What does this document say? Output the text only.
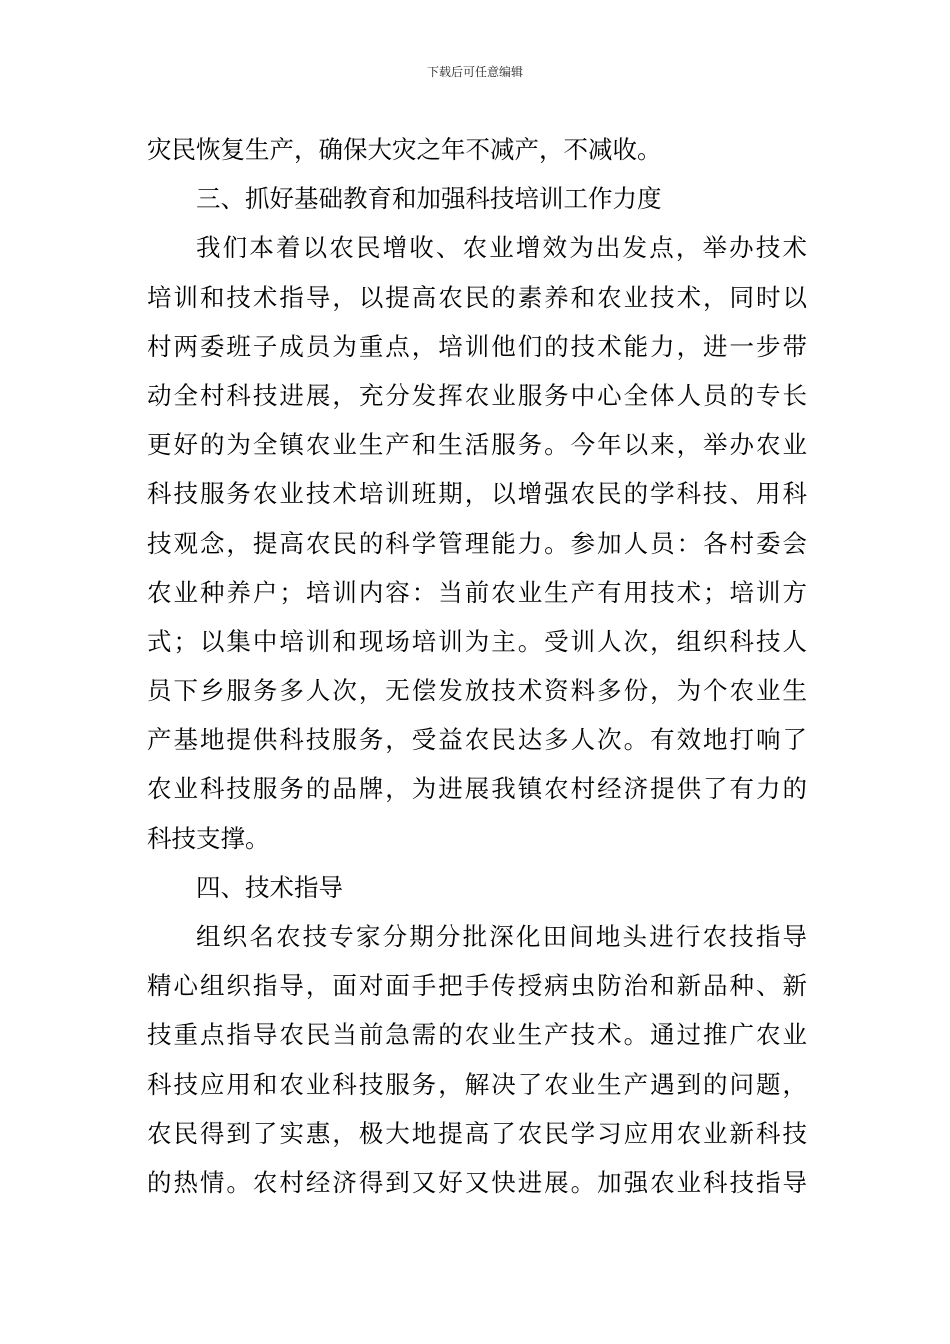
下载后可任意编辑
灾民恢复生产，确保大灾之年不减产，不减收。
三、抓好基础教育和加强科技培训工作力度
我们本着以农民增收、农业增效为出发点，举办技术
培训和技术指导，以提高农民的素养和农业技术，同时以
村两委班子成员为重点，培训他们的技术能力，进一步带
动全村科技进展，充分发挥农业服务中心全体人员的专长
更好的为全镇农业生产和生活服务。今年以来，举办农业
科技服务农业技术培训班期，以增强农民的学科技、用科
技观念，提高农民的科学管理能力。参加人员：各村委会
农业种养户；培训内容：当前农业生产有用技术；培训方
式；以集中培训和现场培训为主。受训人次，组织科技人
员下乡服务多人次，无偿发放技术资料多份，为个农业生
产基地提供科技服务，受益农民达多人次。有效地打响了
农业科技服务的品牌，为进展我镇农村经济提供了有力的
科技支撑。
四、技术指导
组织名农技专家分期分批深化田间地头进行农技指导
精心组织指导，面对面手把手传授病虫防治和新品种、新
技重点指导农民当前急需的农业生产技术。通过推广农业
科技应用和农业科技服务，解决了农业生产遇到的问题，
农民得到了实惠，极大地提高了农民学习应用农业新科技
的热情。农村经济得到又好又快进展。加强农业科技指导
